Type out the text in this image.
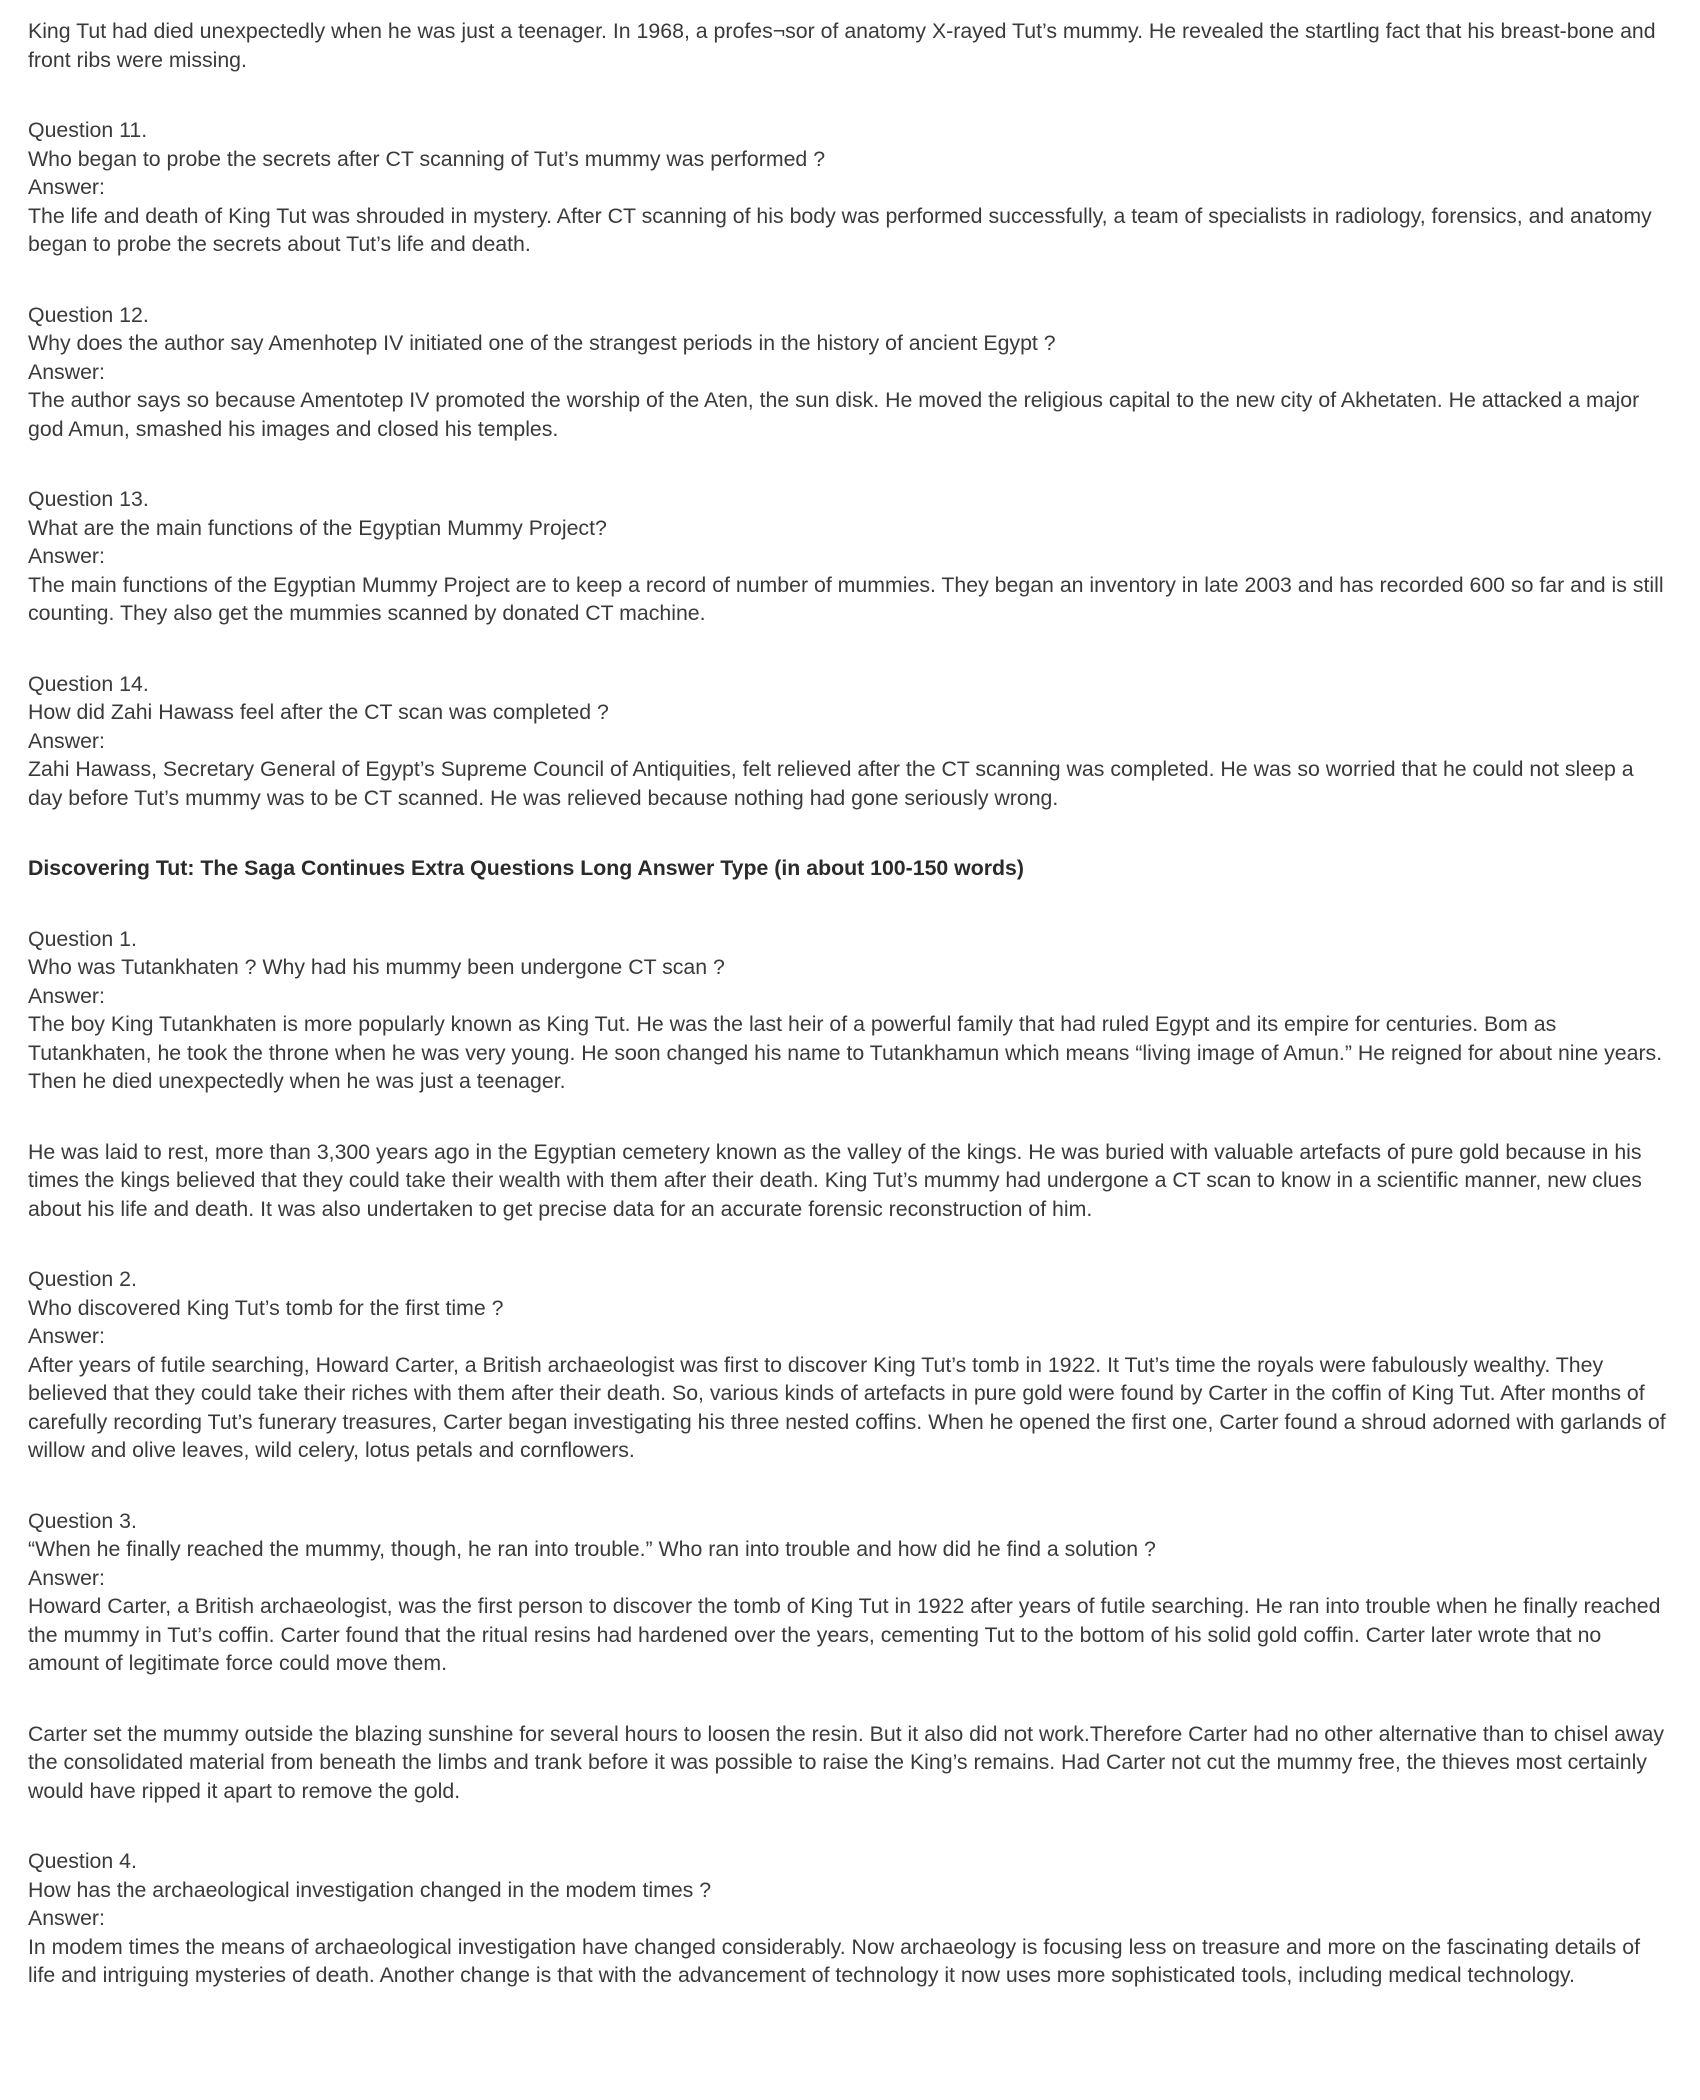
King Tut had died unexpectedly when he was just a teenager. In 1968, a profes¬sor of anatomy X-rayed Tut’s mummy. He revealed the startling fact that his breast-bone and front ribs were missing.

Question 11.
Who began to probe the secrets after CT scanning of Tut’s mummy was performed ?
Answer:

The life and death of King Tut was shrouded in mystery. After CT scanning of his body was performed successfully, a team of specialists in radiology, forensics, and anatomy began to probe the secrets about Tut’s life and death.

Question 12.
Why does the author say Amenhotep IV initiated one of the strangest periods in the history of ancient Egypt ?
Answer:

The author says so because Amentotep IV promoted the worship of the Aten, the sun disk. He moved the religious capital to the new city of Akhetaten. He attacked a major god Amun, smashed his images and closed his temples.

Question 13.
What are the main functions of the Egyptian Mummy Project?
Answer:

The main functions of the Egyptian Mummy Project are to keep a record of number of mummies. They began an inventory in late 2003 and has recorded 600 so far and is still counting. They also get the mummies scanned by donated CT machine.

Question 14.
How did Zahi Hawass feel after the CT scan was completed ?
Answer:

Zahi Hawass, Secretary General of Egypt’s Supreme Council of Antiquities, felt relieved after the CT scanning was completed. He was so worried that he could not sleep a day before Tut’s mummy was to be CT scanned. He was relieved because nothing had gone seriously wrong.

Discovering Tut: The Saga Continues Extra Questions Long Answer Type (in about 100-150 words)
Question 1.
Who was Tutankhaten ? Why had his mummy been undergone CT scan ?
Answer:

The boy King Tutankhaten is more popularly known as King Tut. He was the last heir of a powerful family that had ruled Egypt and its empire for centuries. Bom as Tutankhaten, he took the throne when he was very young. He soon changed his name to Tutankhamun which means “living image of Amun.” He reigned for about nine years. Then he died unexpectedly when he was just a teenager.

He was laid to rest, more than 3,300 years ago in the Egyptian cemetery known as the valley of the kings. He was buried with valuable artefacts of pure gold because in his times the kings believed that they could take their wealth with them after their death. King Tut’s mummy had undergone a CT scan to know in a scientific manner, new clues about his life and death. It was also undertaken to get precise data for an accurate forensic reconstruction of him.

Question 2.
Who discovered King Tut’s tomb for the first time ?
Answer:

After years of futile searching, Howard Carter, a British archaeologist was first to discover King Tut’s tomb in 1922. It Tut’s time the royals were fabulously wealthy. They believed that they could take their riches with them after their death. So, various kinds of artefacts in pure gold were found by Carter in the coffin of King Tut. After months of carefully recording Tut’s funerary treasures, Carter began investigating his three nested coffins. When he opened the first one, Carter found a shroud adorned with garlands of willow and olive leaves, wild celery, lotus petals and cornflowers.

Question 3.
“When he finally reached the mummy, though, he ran into trouble.” Who ran into trouble and how did he find a solution ?
Answer:

Howard Carter, a British archaeologist, was the first person to discover the tomb of King Tut in 1922 after years of futile searching. He ran into trouble when he finally reached the mummy in Tut’s coffin. Carter found that the ritual resins had hardened over the years, cementing Tut to the bottom of his solid gold coffin. Carter later wrote that no amount of legitimate force could move them.

Carter set the mummy outside the blazing sunshine for several hours to loosen the resin. But it also did not work.Therefore Carter had no other alternative than to chisel away the consolidated material from beneath the limbs and trank before it was possible to raise the King’s remains. Had Carter not cut the mummy free, the thieves most certainly would have ripped it apart to remove the gold.

Question 4.
How has the archaeological investigation changed in the modem times ?
Answer:

In modem times the means of archaeological investigation have changed considerably. Now archaeology is focusing less on treasure and more on the fascinating details of life and intriguing mysteries of death. Another change is that with the advancement of technology it now uses more sophisticated tools, including medical technology.
